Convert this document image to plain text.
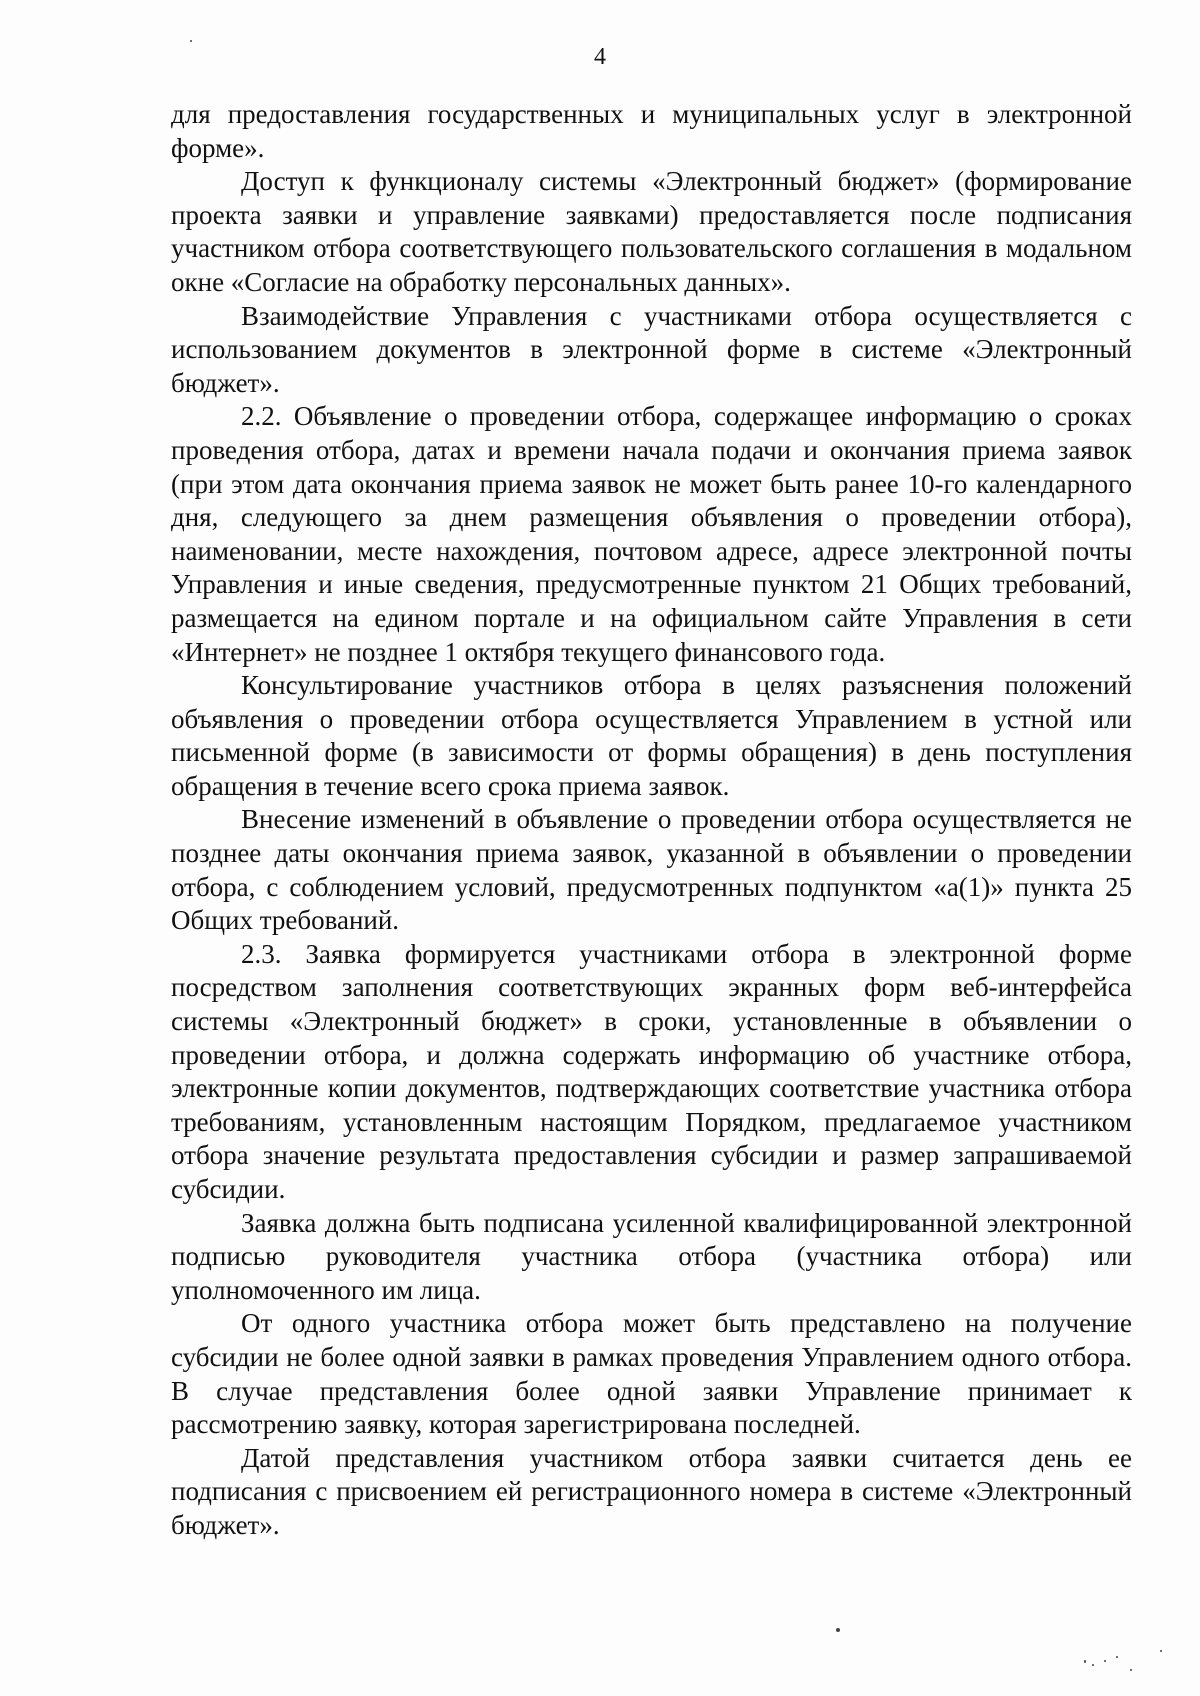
4

для предоставления государственных и муниципальных услуг в электронной форме».

Доступ к функционалу системы «Электронный бюджет» (формирование проекта заявки и управление заявками) предоставляется после подписания участником отбора соответствующего пользовательского соглашения в модальном окне «Согласие на обработку персональных данных».

Взаимодействие Управления с участниками отбора осуществляется с использованием документов в электронной форме в системе «Электронный бюджет».

2.2. Объявление о проведении отбора, содержащее информацию о сроках проведения отбора, датах и времени начала подачи и окончания приема заявок (при этом дата окончания приема заявок не может быть ранее 10-го календарного дня, следующего за днем размещения объявления о проведении отбора), наименовании, месте нахождения, почтовом адресе, адресе электронной почты Управления и иные сведения, предусмотренные пунктом 21 Общих требований, размещается на едином портале и на официальном сайте Управления в сети «Интернет» не позднее 1 октября текущего финансового года.

Консультирование участников отбора в целях разъяснения положений объявления о проведении отбора осуществляется Управлением в устной или письменной форме (в зависимости от формы обращения) в день поступления обращения в течение всего срока приема заявок.

Внесение изменений в объявление о проведении отбора осуществляется не позднее даты окончания приема заявок, указанной в объявлении о проведении отбора, с соблюдением условий, предусмотренных подпунктом «а(1)» пункта 25 Общих требований.

2.3. Заявка формируется участниками отбора в электронной форме посредством заполнения соответствующих экранных форм веб-интерфейса системы «Электронный бюджет» в сроки, установленные в объявлении о проведении отбора, и должна содержать информацию об участнике отбора, электронные копии документов, подтверждающих соответствие участника отбора требованиям, установленным настоящим Порядком, предлагаемое участником отбора значение результата предоставления субсидии и размер запрашиваемой субсидии.

Заявка должна быть подписана усиленной квалифицированной электронной подписью руководителя участника отбора (участника отбора) или уполномоченного им лица.

От одного участника отбора может быть представлено на получение субсидии не более одной заявки в рамках проведения Управлением одного отбора. В случае представления более одной заявки Управление принимает к рассмотрению заявку, которая зарегистрирована последней.

Датой представления участником отбора заявки считается день ее подписания с присвоением ей регистрационного номера в системе «Электронный бюджет».
